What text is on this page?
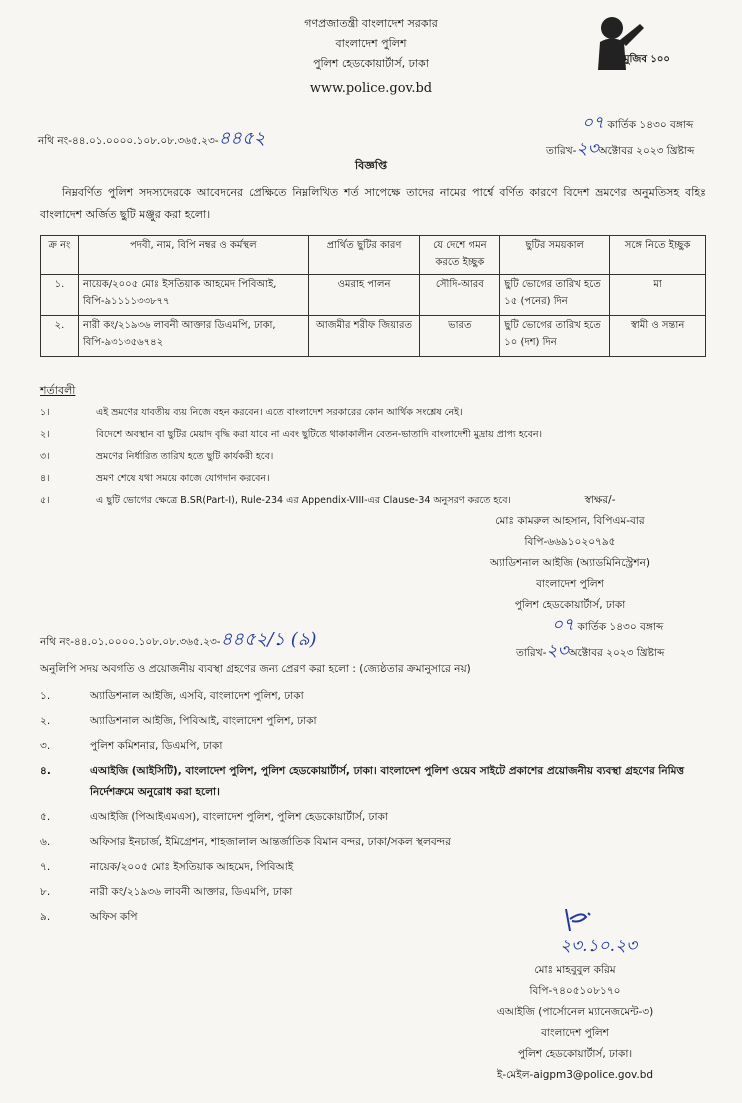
গণপ্রজাতন্ত্রী বাংলাদেশ সরকার
বাংলাদেশ পুলিশ
পুলিশ হেডকোয়ার্টার্স, ঢাকা
www.police.gov.bd
মুজিব ১০০
নথি নং-৪৪.০১.০০০০.১০৮.০৮.৩৬৫.২৩-৪৪৫২
০৭ কার্তিক ১৪৩০ বঙ্গাব্দ
তারিখ-২৩অক্টোবর ২০২৩ খ্রিষ্টাব্দ
বিজ্ঞপ্তি
নিম্নবর্ণিত পুলিশ সদস্যদেরকে আবেদনের প্রেক্ষিতে নিম্নলিখিত শর্ত সাপেক্ষে তাদের নামের পার্শ্বে বর্ণিত কারণে বিদেশ ভ্রমণের অনুমতিসহ বহিঃ বাংলাদেশ অর্জিত ছুটি মঞ্জুর করা হলো।
ক্র নং	পদবী, নাম, বিপি নম্বর ও কর্মস্থল	প্রার্থিত ছুটির কারণ	যে দেশে গমন করতে ইচ্ছুক	ছুটির সময়কাল	সঙ্গে নিতে ইচ্ছুক
১.	নায়েক/২০০৫ মোঃ ইসতিয়াক আহমেদ পিবিআই, বিপি-৯১১১১৩৩৮৭৭	ওমরাহ পালন	সৌদি-আরব	ছুটি ভোগের তারিখ হতে ১৫ (পনের) দিন	মা
২.	নারী কং/২১৯৩৬ লাবনী আক্তার ডিএমপি, ঢাকা, বিপি-৯৩১৩৫৬৭৪২	আজমীর শরীফ জিয়ারত	ভারত	ছুটি ভোগের তারিখ হতে ১০ (দশ) দিন	স্বামী ও সন্তান
শর্তাবলী
১।	এই ভ্রমণের যাবতীয় ব্যয় নিজে বহন করবেন। এতে বাংলাদেশ সরকারের কোন আর্থিক সংশ্লেষ নেই।
২।	বিদেশে অবস্থান বা ছুটির মেয়াদ বৃদ্ধি করা যাবে না এবং ছুটিতে থাকাকালীন বেতন-ভাতাদি বাংলাদেশী মুদ্রায় প্রাপ্য হবেন।
৩।	ভ্রমণের নির্ধারিত তারিখ হতে ছুটি কার্যকরী হবে।
৪।	ভ্রমণ শেষে যথা সময়ে কাজে যোগদান করবেন।
৫।	এ ছুটি ভোগের ক্ষেত্রে B.SR(Part-I), Rule-234 এর Appendix-VIII-এর Clause-34 অনুসরণ করতে হবে।	স্বাক্ষর/-
মোঃ কামরুল আহসান, বিপিএম-বার
বিপি-৬৬৯১০২০৭৯৫
অ্যাডিশনাল আইজি (অ্যাডমিনিস্ট্রেশন)
বাংলাদেশ পুলিশ
পুলিশ হেডকোয়ার্টার্স, ঢাকা
নথি নং-৪৪.০১.০০০০.১০৮.০৮.৩৬৫.২৩-৪৪৫২/১ (৯)
০৭ কার্তিক ১৪৩০ বঙ্গাব্দ
তারিখ-২৩অক্টোবর ২০২৩ খ্রিষ্টাব্দ
অনুলিপি সদয় অবগতি ও প্রয়োজনীয় ব্যবস্থা গ্রহণের জন্য প্রেরণ করা হলো : (জ্যেষ্ঠতার ক্রমানুসারে নয়)
১.	অ্যাডিশনাল আইজি, এসবি, বাংলাদেশ পুলিশ, ঢাকা
২.	অ্যাডিশনাল আইজি, পিবিআই, বাংলাদেশ পুলিশ, ঢাকা
৩.	পুলিশ কমিশনার, ডিএমপি, ঢাকা
৪.	এআইজি (আইসিটি), বাংলাদেশ পুলিশ, পুলিশ হেডকোয়ার্টার্স, ঢাকা। বাংলাদেশ পুলিশ ওয়েব সাইটে প্রকাশের প্রয়োজনীয় ব্যবস্থা গ্রহণের নিমিত্ত নির্দেশক্রমে অনুরোধ করা হলো।
৫.	এআইজি (পিআইএমএস), বাংলাদেশ পুলিশ, পুলিশ হেডকোয়ার্টার্স, ঢাকা
৬.	অফিসার ইনচার্জ, ইমিগ্রেশন, শাহজালাল আন্তর্জাতিক বিমান বন্দর, ঢাকা/সকল স্থলবন্দর
৭.	নায়েক/২০০৫ মোঃ ইসতিয়াক আহমেদ, পিবিআই
৮.	নারী কং/২১৯৩৬ লাবনী আক্তার, ডিএমপি, ঢাকা
৯.	অফিস কপি
২৩.১০.২৩
মোঃ মাহবুবুল করিম
বিপি-৭৪০৫১০৮১৭০
এআইজি (পার্সোনেল ম্যানেজমেন্ট-৩)
বাংলাদেশ পুলিশ
পুলিশ হেডকোয়ার্টার্স, ঢাকা।
ই-মেইল-aigpm3@police.gov.bd
